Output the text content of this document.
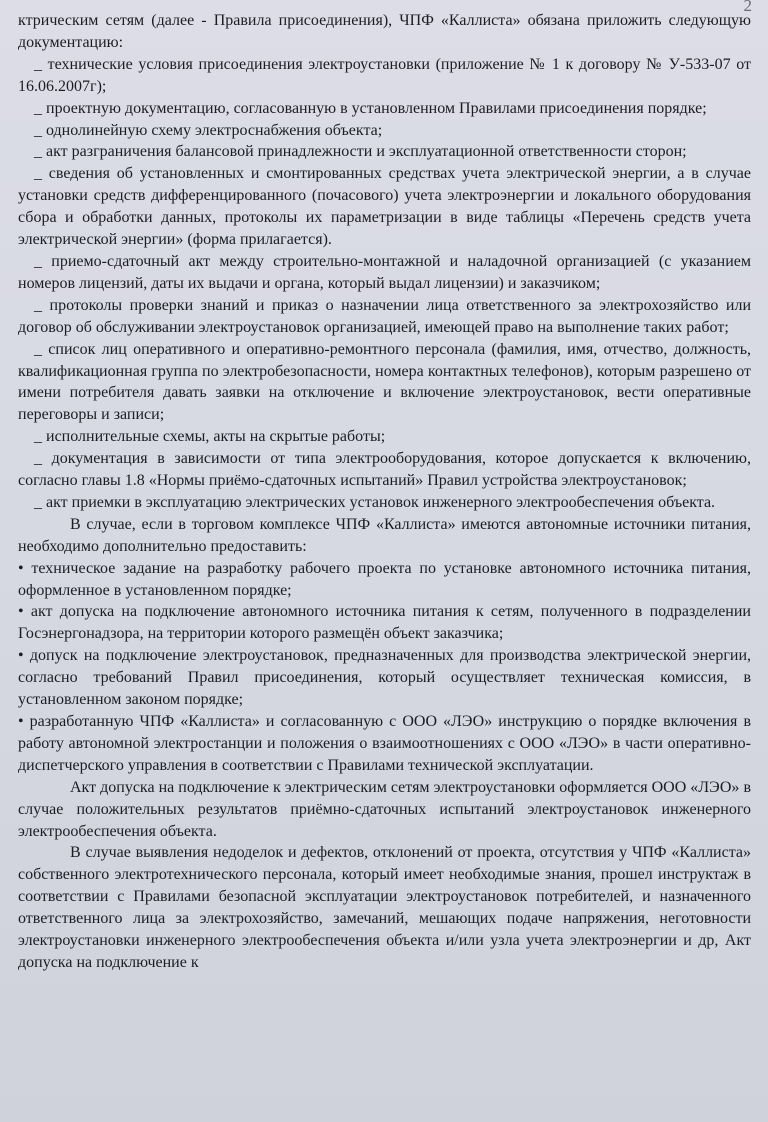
2

ктрическим сетям (далее - Правила присоединения), ЧПФ «Каллиста» обязана приложить следующую документацию:

_ технические условия присоединения электроустановки (приложение № 1 к договору № У-533-07 от 16.06.2007г);

_ проектную документацию, согласованную в установленном Правилами присоединения порядке;

_ однолинейную схему электроснабжения объекта;

_ акт разграничения балансовой принадлежности и эксплуатационной ответственности сторон;

_ сведения об установленных и смонтированных средствах учета электрической энергии, а в случае установки средств дифференцированного (почасового) учета электроэнергии и локального оборудования сбора и обработки данных, протоколы их параметризации в виде таблицы «Перечень средств учета электрической энергии» (форма прилагается).

_ приемо-сдаточный акт между строительно-монтажной и наладочной организацией (с указанием номеров лицензий, даты их выдачи и органа, который выдал лицензии) и заказчиком;

_ протоколы проверки знаний и приказ о назначении лица ответственного за электрохозяйство или договор об обслуживании электроустановок организацией, имеющей право на выполнение таких работ;

_ список лиц оперативного и оперативно-ремонтного персонала (фамилия, имя, отчество, должность, квалификационная группа по электробезопасности, номера контактных телефонов), которым разрешено от имени потребителя давать заявки на отключение и включение электроустановок, вести оперативные переговоры и записи;

_ исполнительные схемы, акты на скрытые работы;

_ документация в зависимости от типа электрооборудования, которое допускается к включению, согласно главы 1.8 «Нормы приёмо-сдаточных испытаний» Правил устройства электроустановок;

_ акт приемки в эксплуатацию электрических установок инженерного электрообеспечения объекта.

В случае, если в торговом комплексе ЧПФ «Каллиста» имеются автономные источники питания, необходимо дополнительно предоставить:

• техническое задание на разработку рабочего проекта по установке автономного источника питания, оформленное в установленном порядке;

• акт допуска на подключение автономного источника питания к сетям, полученного в подразделении Госэнергонадзора, на территории которого размещён объект заказчика;

• допуск на подключение электроустановок, предназначенных для производства электрической энергии, согласно требований Правил присоединения, который осуществляет техническая комиссия, в установленном законом порядке;

• разработанную ЧПФ «Каллиста» и согласованную с ООО «ЛЭО» инструкцию о порядке включения в работу автономной электростанции и положения о взаимоотношениях с ООО «ЛЭО» в части оперативно-диспетчерского управления в соответствии с Правилами технической эксплуатации.

Акт допуска на подключение к электрическим сетям электроустановки оформляется ООО «ЛЭО» в случае положительных результатов приёмно-сдаточных испытаний электроустановок инженерного электрообеспечения объекта.

В случае выявления недоделок и дефектов, отклонений от проекта, отсутствия у ЧПФ «Каллиста» собственного электротехнического персонала, который имеет необходимые знания, прошел инструктаж в соответствии с Правилами безопасной эксплуатации электроустановок потребителей, и назначенного ответственного лица за электрохозяйство, замечаний, мешающих подаче напряжения, неготовности электроустановки инженерного электрообеспечения объекта и/или узла учета электроэнергии и др, Акт допуска на подключение к
